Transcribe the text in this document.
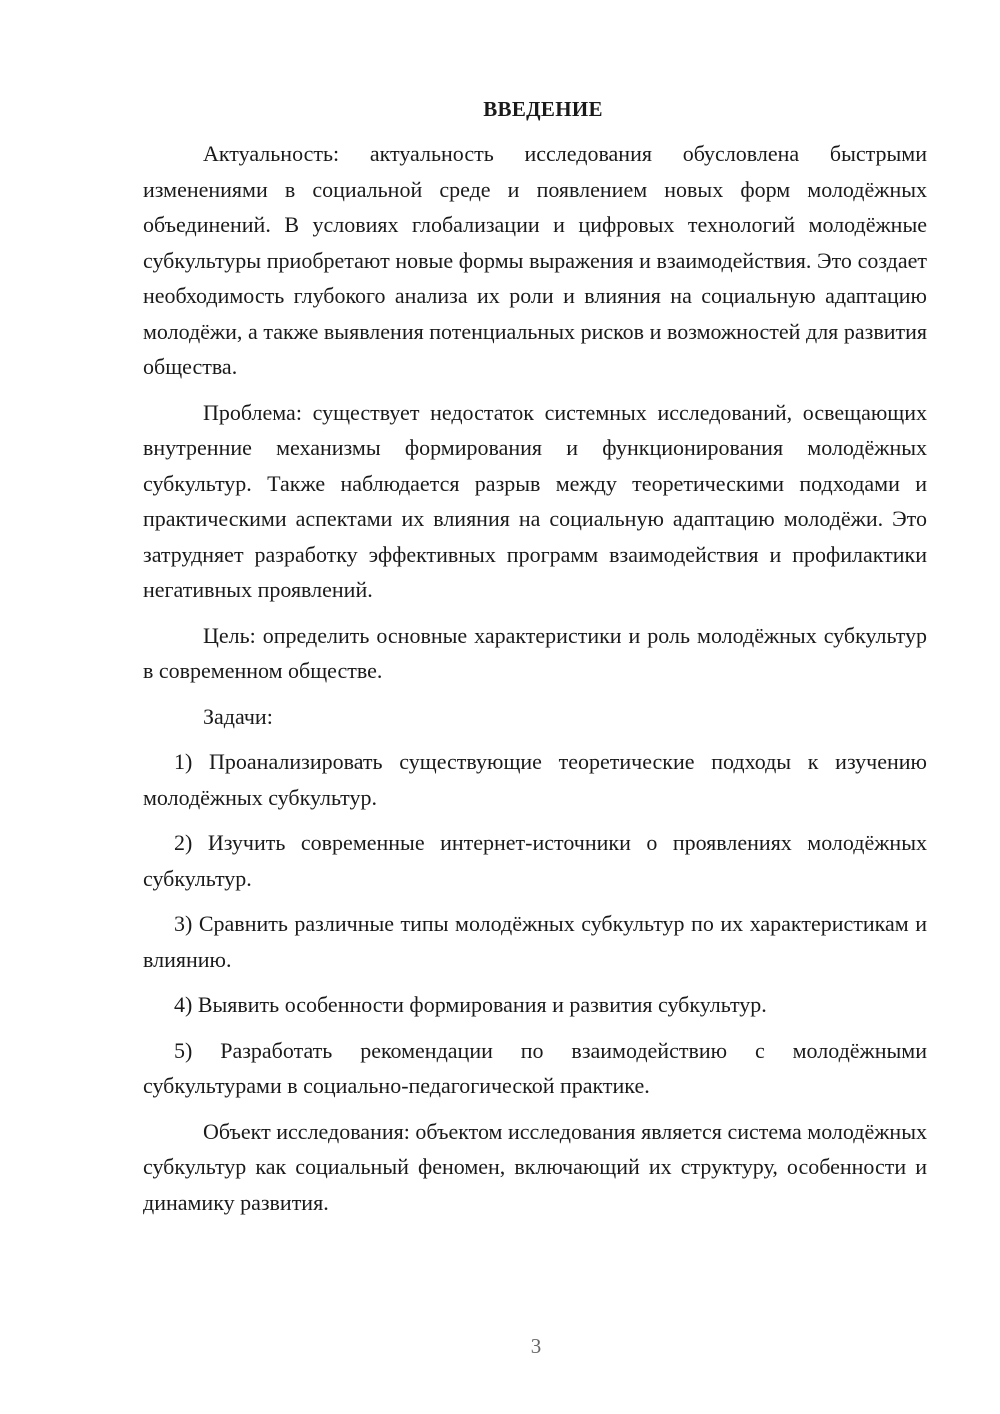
ВВЕДЕНИЕ

Актуальность: актуальность исследования обусловлена быстрыми изменениями в социальной среде и появлением новых форм молодёжных объединений. В условиях глобализации и цифровых технологий молодёжные субкультуры приобретают новые формы выражения и взаимодействия. Это создает необходимость глубокого анализа их роли и влияния на социальную адаптацию молодёжи, а также выявления потенциальных рисков и возможностей для развития общества.

Проблема: существует недостаток системных исследований, освещающих внутренние механизмы формирования и функционирования молодёжных субкультур. Также наблюдается разрыв между теоретическими подходами и практическими аспектами их влияния на социальную адаптацию молодёжи. Это затрудняет разработку эффективных программ взаимодействия и профилактики негативных проявлений.

Цель: определить основные характеристики и роль молодёжных субкультур в современном обществе.

Задачи:

1) Проанализировать существующие теоретические подходы к изучению молодёжных субкультур.

2) Изучить современные интернет-источники о проявлениях молодёжных субкультур.

3) Сравнить различные типы молодёжных субкультур по их характеристикам и влиянию.

4) Выявить особенности формирования и развития субкультур.

5) Разработать рекомендации по взаимодействию с молодёжными субкультурами в социально-педагогической практике.

Объект исследования: объектом исследования является система молодёжных субкультур как социальный феномен, включающий их структуру, особенности и динамику развития.

3
